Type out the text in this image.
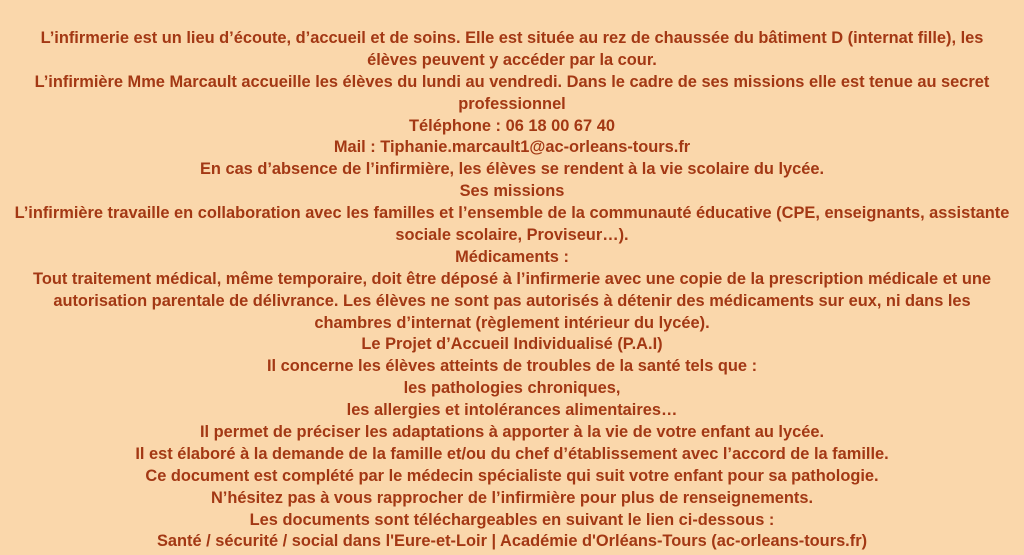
L’infirmerie est un lieu d’écoute, d’accueil et de soins. Elle est située au rez de chaussée du bâtiment D (internat fille), les élèves peuvent y accéder par la cour.

L’infirmière Mme Marcault accueille les élèves du lundi au vendredi. Dans le cadre de ses missions elle est tenue au secret professionnel

Téléphone : 06 18 00 67 40

Mail : Tiphanie.marcault1@ac-orleans-tours.fr

En cas d’absence de l’infirmière, les élèves se rendent à la vie scolaire du lycée.

Ses missions

L’infirmière travaille en collaboration avec les familles et l’ensemble de la communauté éducative (CPE, enseignants, assistante sociale scolaire, Proviseur…).

Médicaments :

Tout traitement médical, même temporaire, doit être déposé à l’infirmerie avec une copie de la prescription médicale et une autorisation parentale de délivrance. Les élèves ne sont pas autorisés à détenir des médicaments sur eux, ni dans les chambres d’internat (règlement intérieur du lycée).

Le Projet d’Accueil Individualisé (P.A.I)

Il concerne les élèves atteints de troubles de la santé tels que :

les pathologies chroniques,

les allergies et intolérances alimentaires…

Il permet de préciser les adaptations à apporter à la vie de votre enfant au lycée.

Il est élaboré à la demande de la famille et/ou du chef d’établissement avec l’accord de la famille.

Ce document est complété par le médecin spécialiste qui suit votre enfant pour sa pathologie.

N’hésitez pas à vous rapprocher de l’infirmière pour plus de renseignements.

Les documents sont téléchargeables en suivant le lien ci-dessous :

Santé / sécurité / social dans l'Eure-et-Loir | Académie d'Orléans-Tours (ac-orleans-tours.fr)
